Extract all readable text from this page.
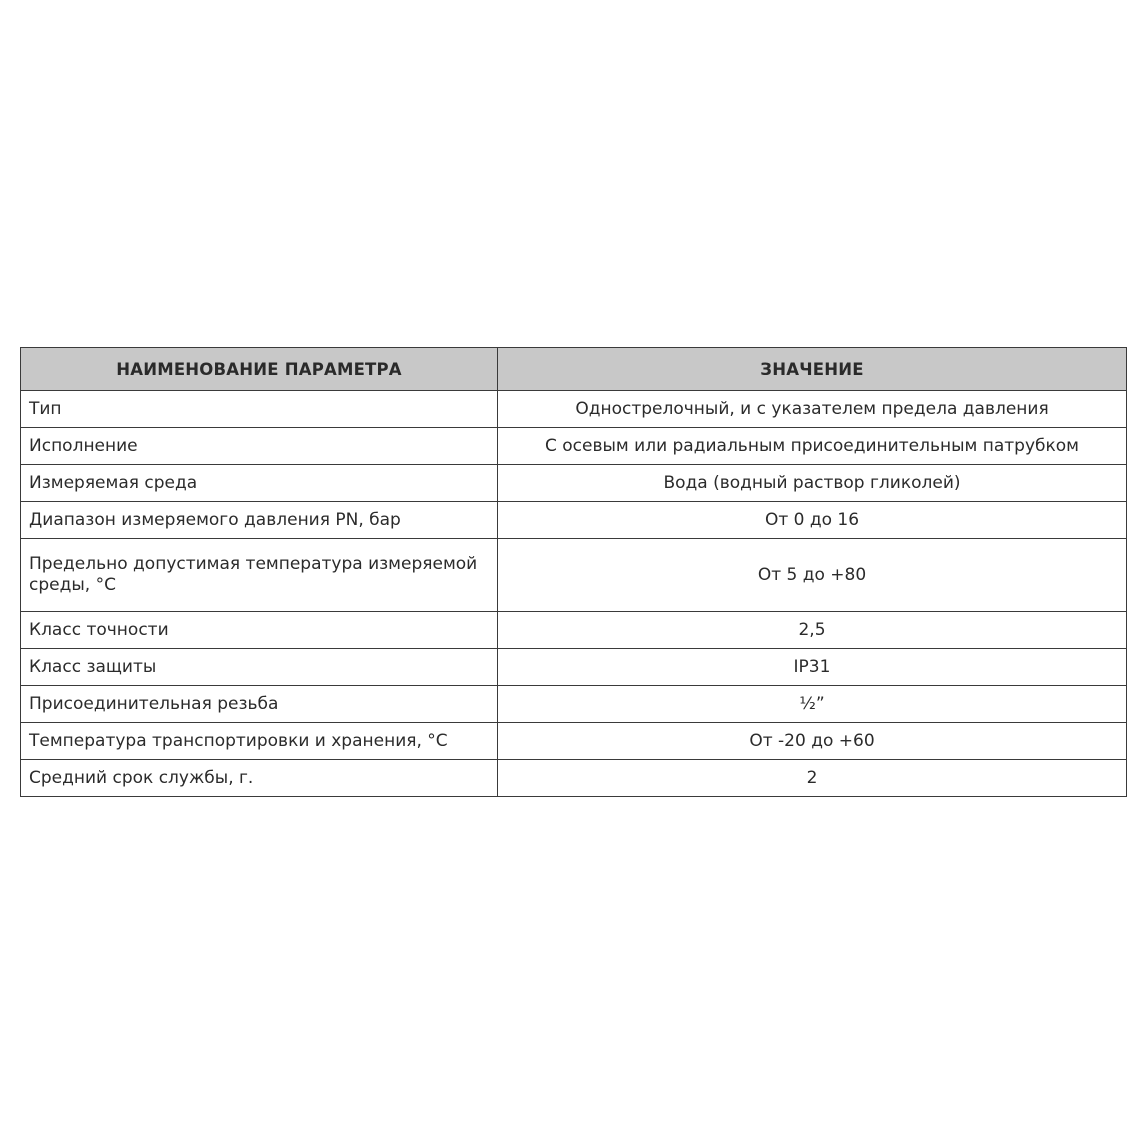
НАИМЕНОВАНИЕ ПАРАМЕТРА	ЗНАЧЕНИЕ
Тип	Однострелочный, и с указателем предела давления
Исполнение	С осевым или радиальным присоединительным патрубком
Измеряемая среда	Вода (водный раствор гликолей)
Диапазон измеряемого давления PN, бар	От 0 до 16
Предельно допустимая температура измеряемой среды, °C	От 5 до +80
Класс точности	2,5
Класс защиты	IP31
Присоединительная резьба	½”
Температура транспортировки и хранения, °C	От -20 до +60
Средний срок службы, г.	2
